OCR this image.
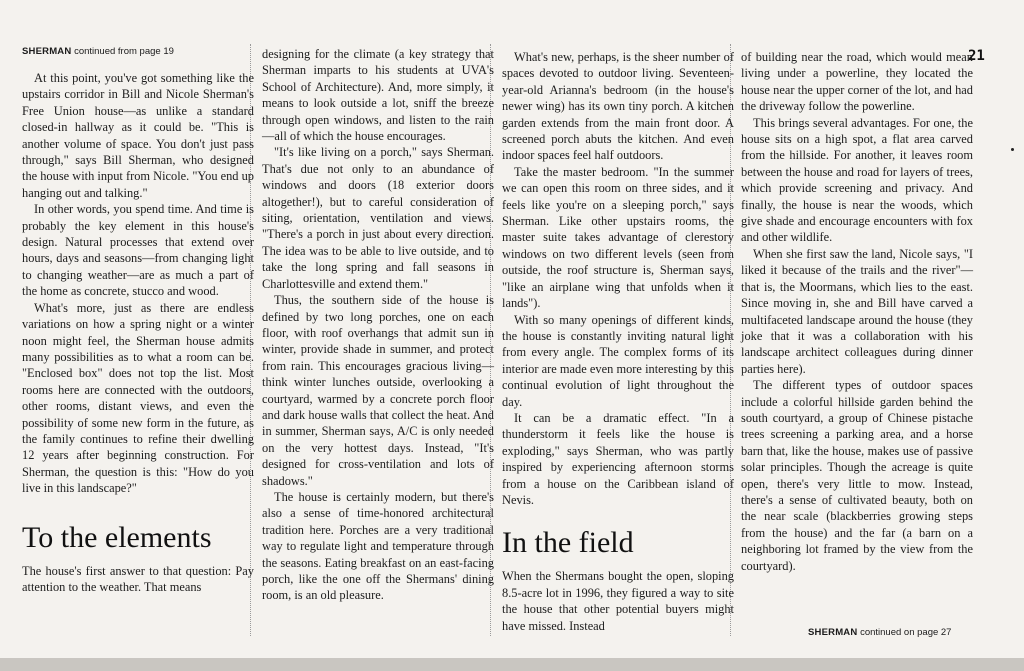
21
SHERMAN continued from page 19

At this point, you've got something like the upstairs corridor in Bill and Nicole Sherman's Free Union house—as unlike a standard closed-in hallway as it could be. "This is another volume of space. You don't just pass through," says Bill Sherman, who designed the house with input from Nicole. "You end up hanging out and talking."

In other words, you spend time. And time is probably the key element in this house's design. Natural processes that extend over hours, days and seasons—from changing light to changing weather—are as much a part of the home as concrete, stucco and wood.

What's more, just as there are endless variations on how a spring night or a winter noon might feel, the Sherman house admits many possibilities as to what a room can be. "Enclosed box" does not top the list. Most rooms here are connected with the outdoors, other rooms, distant views, and even the possibility of some new form in the future, as the family continues to refine their dwelling 12 years after beginning construction. For Sherman, the question is this: "How do you live in this landscape?"

To the elements

The house's first answer to that question: Pay attention to the weather. That means

designing for the climate (a key strategy that Sherman imparts to his students at UVA's School of Architecture). And, more simply, it means to look outside a lot, sniff the breeze through open windows, and listen to the rain—all of which the house encourages.

"It's like living on a porch," says Sherman. That's due not only to an abundance of windows and doors (18 exterior doors altogether!), but to careful consideration of siting, orientation, ventilation and views. "There's a porch in just about every direction. The idea was to be able to live outside, and to take the long spring and fall seasons in Charlottesville and extend them."

Thus, the southern side of the house is defined by two long porches, one on each floor, with roof overhangs that admit sun in winter, provide shade in summer, and protect from rain. This encourages gracious living—think winter lunches outside, overlooking a courtyard, warmed by a concrete porch floor and dark house walls that collect the heat. And in summer, Sherman says, A/C is only needed on the very hottest days. Instead, "It's designed for cross-ventilation and lots of shadows."

The house is certainly modern, but there's also a sense of time-honored architectural tradition here. Porches are a very traditional way to regulate light and temperature through the seasons. Eating breakfast on an east-facing porch, like the one off the Shermans' dining room, is an old pleasure.

What's new, perhaps, is the sheer number of spaces devoted to outdoor living. Seventeen-year-old Arianna's bedroom (in the house's newer wing) has its own tiny porch. A kitchen garden extends from the main front door. A screened porch abuts the kitchen. And even indoor spaces feel half outdoors.

Take the master bedroom. "In the summer we can open this room on three sides, and it feels like you're on a sleeping porch," says Sherman. Like other upstairs rooms, the master suite takes advantage of clerestory windows on two different levels (seen from outside, the roof structure is, Sherman says, "like an airplane wing that unfolds when it lands").

With so many openings of different kinds, the house is constantly inviting natural light from every angle. The complex forms of its interior are made even more interesting by this continual evolution of light throughout the day.

It can be a dramatic effect. "In a thunderstorm it feels like the house is exploding," says Sherman, who was partly inspired by experiencing afternoon storms from a house on the Caribbean island of Nevis.

In the field

When the Shermans bought the open, sloping 8.5-acre lot in 1996, they figured a way to site the house that other potential buyers might have missed. Instead

of building near the road, which would mean living under a powerline, they located the house near the upper corner of the lot, and had the driveway follow the powerline.

This brings several advantages. For one, the house sits on a high spot, a flat area carved from the hillside. For another, it leaves room between the house and road for layers of trees, which provide screening and privacy. And finally, the house is near the woods, which give shade and encourage encounters with fox and other wildlife.

When she first saw the land, Nicole says, "I liked it because of the trails and the river"—that is, the Moormans, which lies to the east. Since moving in, she and Bill have carved a multifaceted landscape around the house (they joke that it was a collaboration with his landscape architect colleagues during dinner parties here).

The different types of outdoor spaces include a colorful hillside garden behind the south courtyard, a group of Chinese pistache trees screening a parking area, and a horse barn that, like the house, makes use of passive solar principles. Though the acreage is quite open, there's very little to mow. Instead, there's a sense of cultivated beauty, both on the near scale (blackberries growing steps from the house) and the far (a barn on a neighboring lot framed by the view from the courtyard).

SHERMAN continued on page 27
